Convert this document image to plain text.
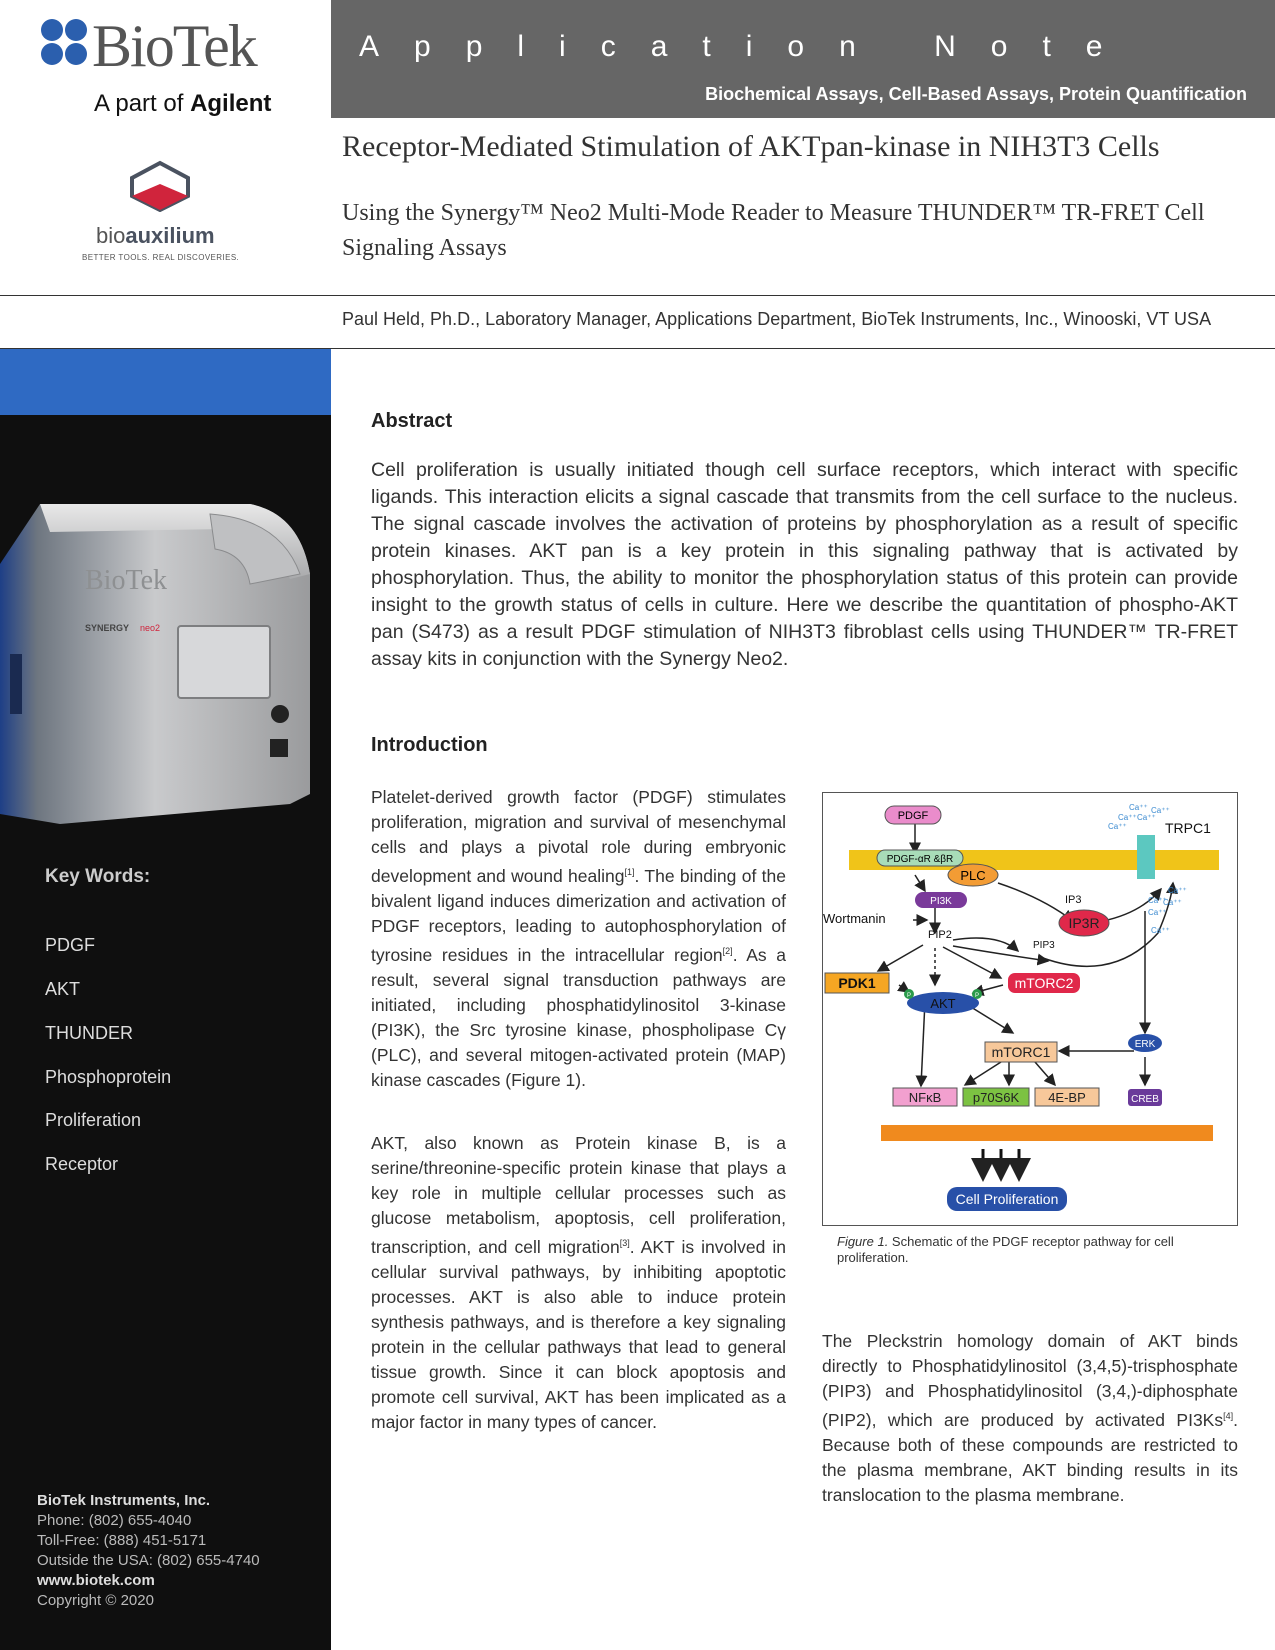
BioTek
A part of Agilent
bioauxilium
BETTER TOOLS. REAL DISCOVERIES.
Application Note
Biochemical Assays, Cell-Based Assays, Protein Quantification
Receptor-Mediated Stimulation of AKTpan-kinase in NIH3T3 Cells
Using the Synergy™ Neo2 Multi-Mode Reader to Measure THUNDER™ TR-FRET Cell Signaling Assays
Paul Held, Ph.D., Laboratory Manager, Applications Department, BioTek Instruments, Inc., Winooski, VT USA
BioTek
SYNERGY neo2
Key Words:
PDGF
AKT
THUNDER
Phosphoprotein
Proliferation
Receptor
BioTek Instruments, Inc.
Phone: (802) 655-4040
Toll-Free: (888) 451-5171
Outside the USA: (802) 655-4740
www.biotek.com
Copyright © 2020
Abstract
Cell proliferation is usually initiated though cell surface receptors, which interact with specific ligands. This interaction elicits a signal cascade that transmits from the cell surface to the nucleus. The signal cascade involves the activation of proteins by phosphorylation as a result of specific protein kinases. AKT pan is a key protein in this signaling pathway that is activated by phosphorylation. Thus, the ability to monitor the phosphorylation status of this protein can provide insight to the growth status of cells in culture. Here we describe the quantitation of phospho-AKT pan (S473) as a result PDGF stimulation of NIH3T3 fibroblast cells using THUNDER™ TR-FRET assay kits in conjunction with the Synergy Neo2.
Introduction
Platelet-derived growth factor (PDGF) stimulates proliferation, migration and survival of mesenchymal cells and plays a pivotal role during embryonic development and wound healing[1]. The binding of the bivalent ligand induces dimerization and activation of PDGF receptors, leading to autophosphorylation of tyrosine residues in the intracellular region[2]. As a result, several signal transduction pathways are initiated, including phosphatidylinositol 3-kinase (PI3K), the Src tyrosine kinase, phospholipase Cγ (PLC), and several mitogen-activated protein (MAP) kinase cascades (Figure 1).
AKT, also known as Protein kinase B, is a serine/threonine-specific protein kinase that plays a key role in multiple cellular processes such as glucose metabolism, apoptosis, cell proliferation, transcription, and cell migration[3]. AKT is involved in cellular survival pathways, by inhibiting apoptotic processes. AKT is also able to induce protein synthesis pathways, and is therefore a key signaling protein in the cellular pathways that lead to general tissue growth. Since it can block apoptosis and promote cell survival, AKT has been implicated as a major factor in many types of cancer.
The Pleckstrin homology domain of AKT binds directly to Phosphatidylinositol (3,4,5)-trisphosphate (PIP3) and Phosphatidylinositol (3,4,)-diphosphate (PIP2), which are produced by activated PI3Ks[4]. Because both of these compounds are restricted to the plasma membrane, AKT binding results in its translocation to the plasma membrane.
TRPC1
Ca⁺⁺
Ca⁺⁺ Ca⁺⁺
Ca⁺⁺
Ca⁺⁺
Ca⁺⁺
Ca⁺⁺
Ca⁺⁺
Ca⁺⁺
Ca⁺⁺
PDGF
PDGF-αR &βR
PLC
PI3K
Wortmanin
PIP2
PIP3
IP3
IP3R
PDK1
AKT
P	P
mTORC2
mTORC1	ERK
NFκB p70S6K 4E-BP	CREB
Cell Proliferation
Figure 1. Schematic of the PDGF receptor pathway for cell proliferation.
